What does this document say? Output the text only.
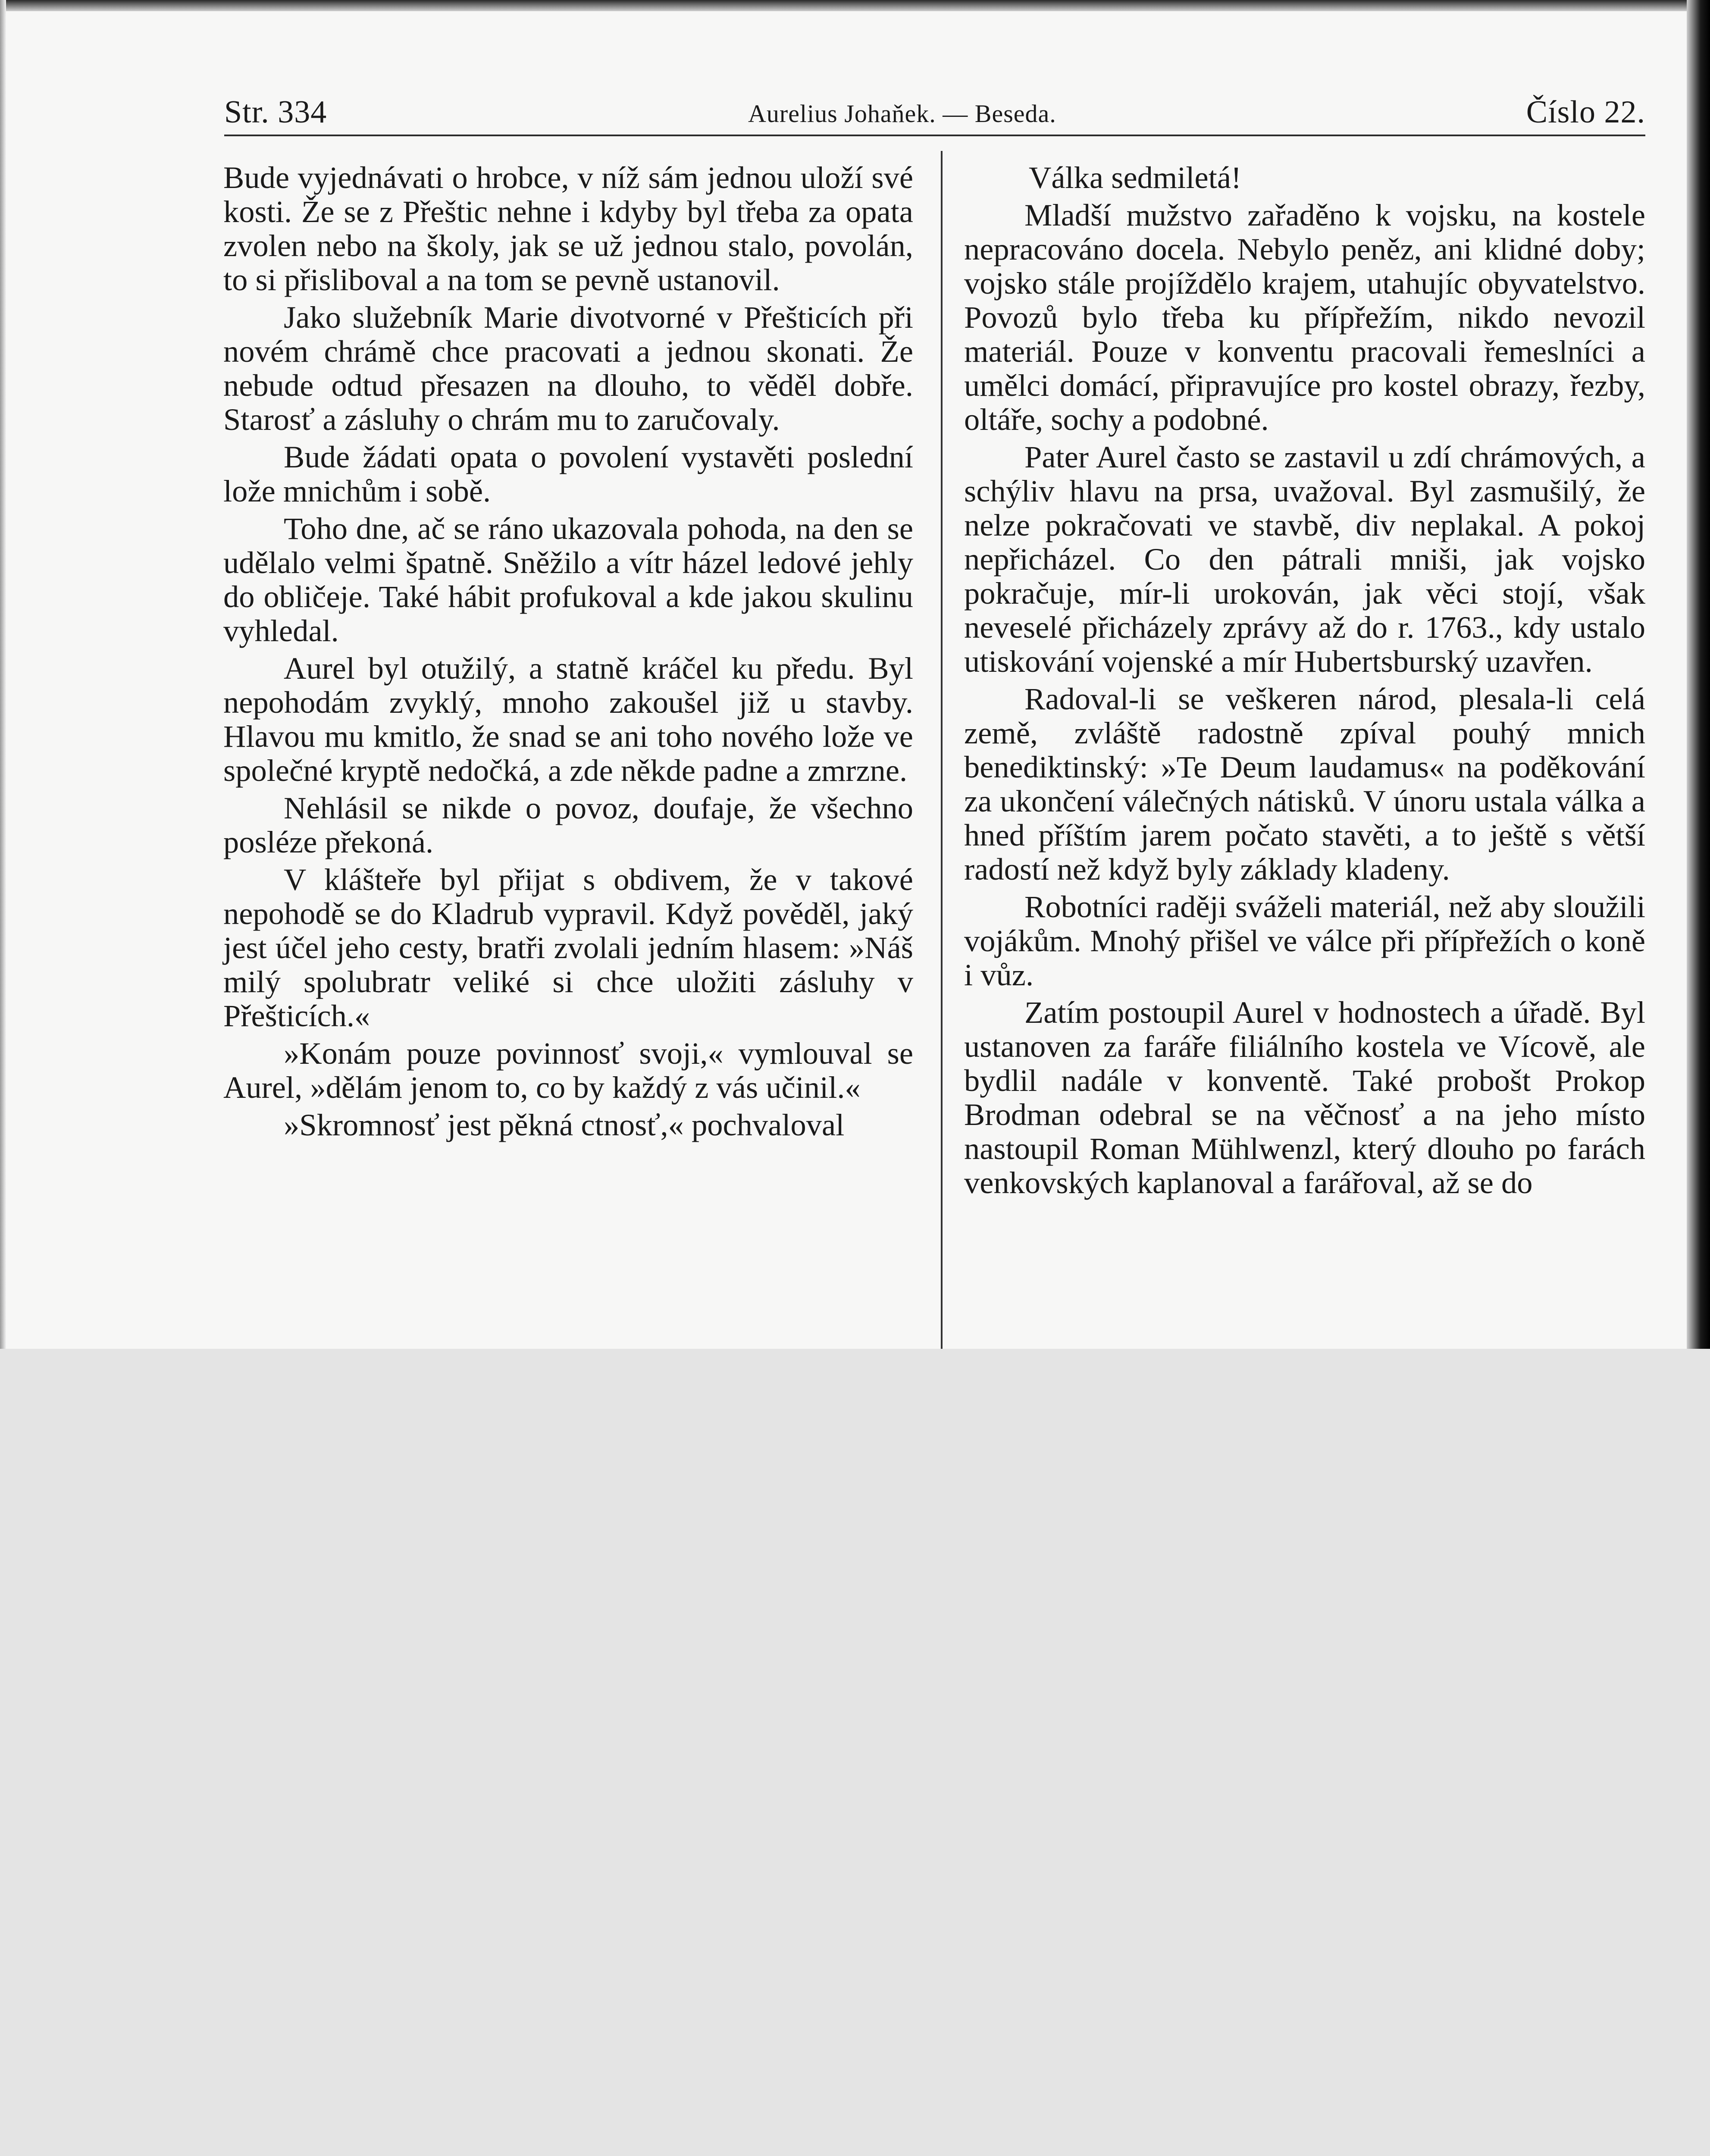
Str. 334	Aurelius Johaňek. — Beseda.	Číslo 22.

Bude vyjednávati o hrobce, v níž sám jednou uloží své kosti. Že se z Přeštic nehne i kdyby byl třeba za opata zvolen nebo na školy, jak se už jednou stalo, povolán, to si přisliboval a na tom se pevně ustanovil.

Jako služebník Marie divotvorné v Přešticích při novém chrámě chce pracovati a jednou skonati. Že nebude odtud přesazen na dlouho, to věděl dobře. Starosť a zásluhy o chrám mu to zaručovaly.

Bude žádati opata o povolení vystavěti poslední lože mnichům i sobě.

Toho dne, ač se ráno ukazovala pohoda, na den se udělalo velmi špatně. Sněžilo a vítr házel ledové jehly do obličeje. Také hábit profukoval a kde jakou skulinu vyhledal.

Aurel byl otužilý, a statně kráčel ku předu. Byl nepohodám zvyklý, mnoho zakoušel již u stavby. Hlavou mu kmitlo, že snad se ani toho nového lože ve společné kryptě nedočká, a zde někde padne a zmrzne.

Nehlásil se nikde o povoz, doufaje, že všechno posléze překoná.

V klášteře byl přijat s obdivem, že v takové nepohodě se do Kladrub vypravil. Když pověděl, jaký jest účel jeho cesty, bratři zvolali jedním hlasem: »Náš milý spolubratr veliké si chce uložiti zásluhy v Přešticích.«

»Konám pouze povinnosť svoji,« vymlouval se Aurel, »dělám jenom to, co by každý z vás učinil.«

»Skromnosť jest pěkná ctnosť,« pochvaloval

Válka sedmiletá!

Mladší mužstvo zařaděno k vojsku, na kostele nepracováno docela. Nebylo peněz, ani klidné doby; vojsko stále projíždělo krajem, utahujíc obyvatelstvo. Povozů bylo třeba ku přípřežím, nikdo nevozil materiál. Pouze v konventu pracovali řemeslníci a umělci domácí, připravujíce pro kostel obrazy, řezby, oltáře, sochy a podobné.

Pater Aurel často se zastavil u zdí chrámových, a schýliv hlavu na prsa, uvažoval. Byl zasmušilý, že nelze pokračovati ve stavbě, div neplakal. A pokoj nepřicházel. Co den pátrali mniši, jak vojsko pokračuje, mír-li urokován, jak věci stojí, však neveselé přicházely zprávy až do r. 1763., kdy ustalo utiskování vojenské a mír Hubertsburský uzavřen.

Radoval-li se veškeren národ, plesala-li celá země, zvláště radostně zpíval pouhý mnich benediktinský: »Te Deum laudamus« na poděkování za ukončení válečných nátisků. V únoru ustala válka a hned příštím jarem počato stavěti, a to ještě s větší radostí než když byly základy kladeny.

Robotníci raději sváželi materiál, než aby sloužili vojákům. Mnohý přišel ve válce při přípřežích o koně i vůz.

Zatím postoupil Aurel v hodnostech a úřadě. Byl ustanoven za faráře filiálního kostela ve Vícově, ale bydlil nadále v konventě. Také probošt Prokop Brodman odebral se na věčnosť a na jeho místo nastoupil Roman Mühlwenzl, který dlouho po farách venkovských kaplanoval a farářoval, až se do
